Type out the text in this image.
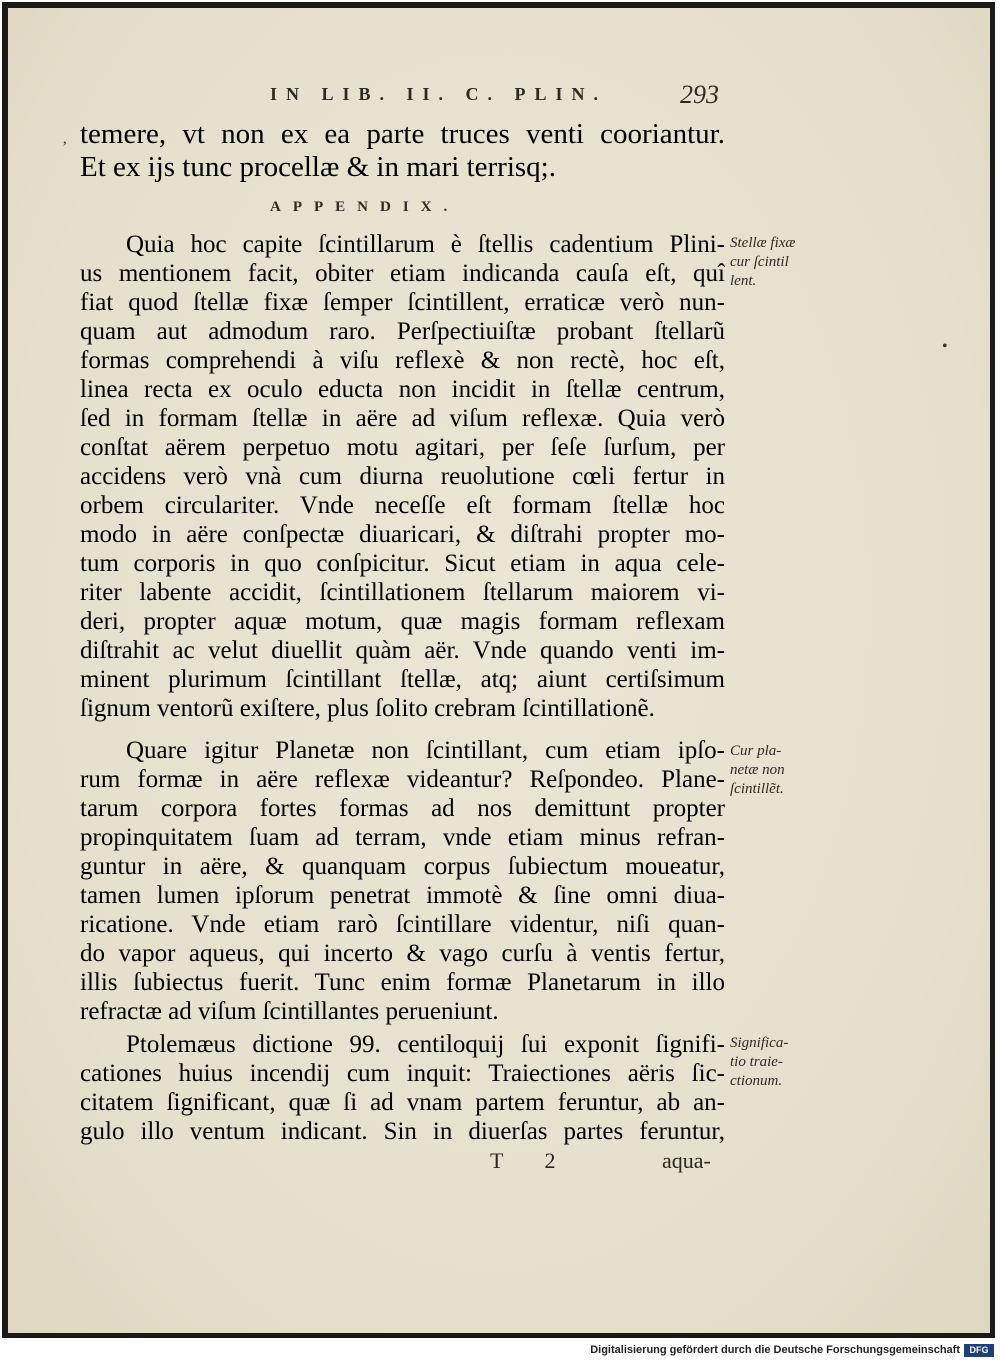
IN LIB. II. C. PLIN.	293
‚
•
temere, vt non ex ea parte truces venti cooriantur.
Et ex ijs tunc procellæ & in mari terrisq;.
APPENDIX.
Quia hoc capite ſcintillarum è ſtellis cadentium Plini-
us mentionem facit, obiter etiam indicanda cauſa eſt, quî
fiat quod ſtellæ fixæ ſemper ſcintillent, erraticæ verò nun-
quam aut admodum raro. Perſpectiuiſtæ probant ſtellarũ
formas comprehendi à viſu reflexè & non rectè, hoc eſt,
linea recta ex oculo educta non incidit in ſtellæ centrum,
ſed in formam ſtellæ in aëre ad viſum reflexæ. Quia verò
conſtat aërem perpetuo motu agitari, per ſeſe ſurſum, per
accidens verò vnà cum diurna reuolutione cœli fertur in
orbem circulariter. Vnde neceſſe eſt formam ſtellæ hoc
modo in aëre conſpectæ diuaricari, & diſtrahi propter mo-
tum corporis in quo conſpicitur. Sicut etiam in aqua cele-
riter labente accidit, ſcintillationem ſtellarum maiorem vi-
deri, propter aquæ motum, quæ magis formam reflexam
diſtrahit ac velut diuellit quàm aër. Vnde quando venti im-
minent plurimum ſcintillant ſtellæ, atq; aiunt certiſsimum
ſignum ventorũ exiſtere, plus ſolito crebram ſcintillationẽ.
Quare igitur Planetæ non ſcintillant, cum etiam ipſo-
rum formæ in aëre reflexæ videantur? Reſpondeo. Plane-
tarum corpora fortes formas ad nos demittunt propter
propinquitatem ſuam ad terram, vnde etiam minus refran-
guntur in aëre, & quanquam corpus ſubiectum moueatur,
tamen lumen ipſorum penetrat immotè & ſine omni diua-
ricatione. Vnde etiam rarò ſcintillare videntur, niſi quan-
do vapor aqueus, qui incerto & vago curſu à ventis fertur,
illis ſubiectus fuerit. Tunc enim formæ Planetarum in illo
refractæ ad viſum ſcintillantes perueniunt.
Ptolemæus dictione 99. centiloquij ſui exponit ſignifi-
cationes huius incendij cum inquit: Traiectiones aëris ſic-
citatem ſignificant, quæ ſi ad vnam partem feruntur, ab an-
gulo illo ventum indicant. Sin in diuerſas partes feruntur,
Stellæ fixæ
cur ſcintil
lent.
Cur pla-
netæ non
ſcintillẽt.
Significa-
tio traie-
ctionum.
T 2	aqua-
Digitalisierung gefördert durch die Deutsche Forschungsgemeinschaft	DFG
